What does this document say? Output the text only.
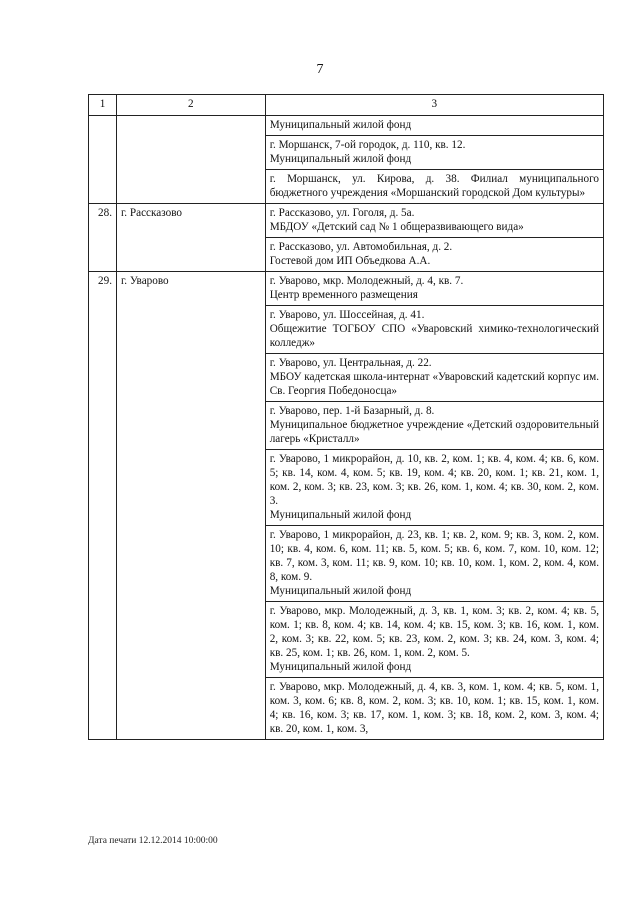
7
1	2	3

		Муниципальный жилой фонд

		г. Моршанск, 7-ой городок, д. 110, кв. 12.
Муниципальный жилой фонд

		г. Моршанск, ул. Кирова, д. 38. Филиал муниципального бюджетного учреждения «Моршанский городской Дом культуры»

28.	г. Рассказово	г. Рассказово, ул. Гоголя, д. 5а.
МБДОУ «Детский сад № 1 общеразвивающего вида»

		г. Рассказово, ул. Автомобильная, д. 2.
Гостевой дом ИП Объедкова А.А.

29.	г. Уварово	г. Уварово, мкр. Молодежный, д. 4, кв. 7.
Центр временного размещения

		г. Уварово, ул. Шоссейная, д. 41.
Общежитие ТОГБОУ СПО «Уваровский химико-технологический колледж»

		г. Уварово, ул. Центральная, д. 22.
МБОУ кадетская школа-интернат «Уваровский кадетский корпус им. Св. Георгия Победоносца»

		г. Уварово, пер. 1-й Базарный, д. 8.
Муниципальное бюджетное учреждение «Детский оздоровительный лагерь «Кристалл»

		г. Уварово, 1 микрорайон, д. 10, кв. 2, ком. 1; кв. 4, ком. 4; кв. 6, ком. 5; кв. 14, ком. 4, ком. 5; кв. 19, ком. 4; кв. 20, ком. 1; кв. 21, ком. 1, ком. 2, ком. 3; кв. 23, ком. 3; кв. 26, ком. 1, ком. 4; кв. 30, ком. 2, ком. 3.
Муниципальный жилой фонд

		г. Уварово, 1 микрорайон, д. 23, кв. 1; кв. 2, ком. 9; кв. 3, ком. 2, ком. 10; кв. 4, ком. 6, ком. 11; кв. 5, ком. 5; кв. 6, ком. 7, ком. 10, ком. 12; кв. 7, ком. 3, ком. 11; кв. 9, ком. 10; кв. 10, ком. 1, ком. 2, ком. 4, ком. 8, ком. 9.
Муниципальный жилой фонд

		г. Уварово, мкр. Молодежный, д. 3, кв. 1, ком. 3; кв. 2, ком. 4; кв. 5, ком. 1; кв. 8, ком. 4; кв. 14, ком. 4; кв. 15, ком. 3; кв. 16, ком. 1, ком. 2, ком. 3; кв. 22, ком. 5; кв. 23, ком. 2, ком. 3; кв. 24, ком. 3, ком. 4; кв. 25, ком. 1; кв. 26, ком. 1, ком. 2, ком. 5.
Муниципальный жилой фонд

		г. Уварово, мкр. Молодежный, д. 4, кв. 3, ком. 1, ком. 4; кв. 5, ком. 1, ком. 3, ком. 6; кв. 8, ком. 2, ком. 3; кв. 10, ком. 1; кв. 15, ком. 1, ком. 4; кв. 16, ком. 3; кв. 17, ком. 1, ком. 3; кв. 18, ком. 2, ком. 3, ком. 4; кв. 20, ком. 1, ком. 3,
Дата печати 12.12.2014 10:00:00
